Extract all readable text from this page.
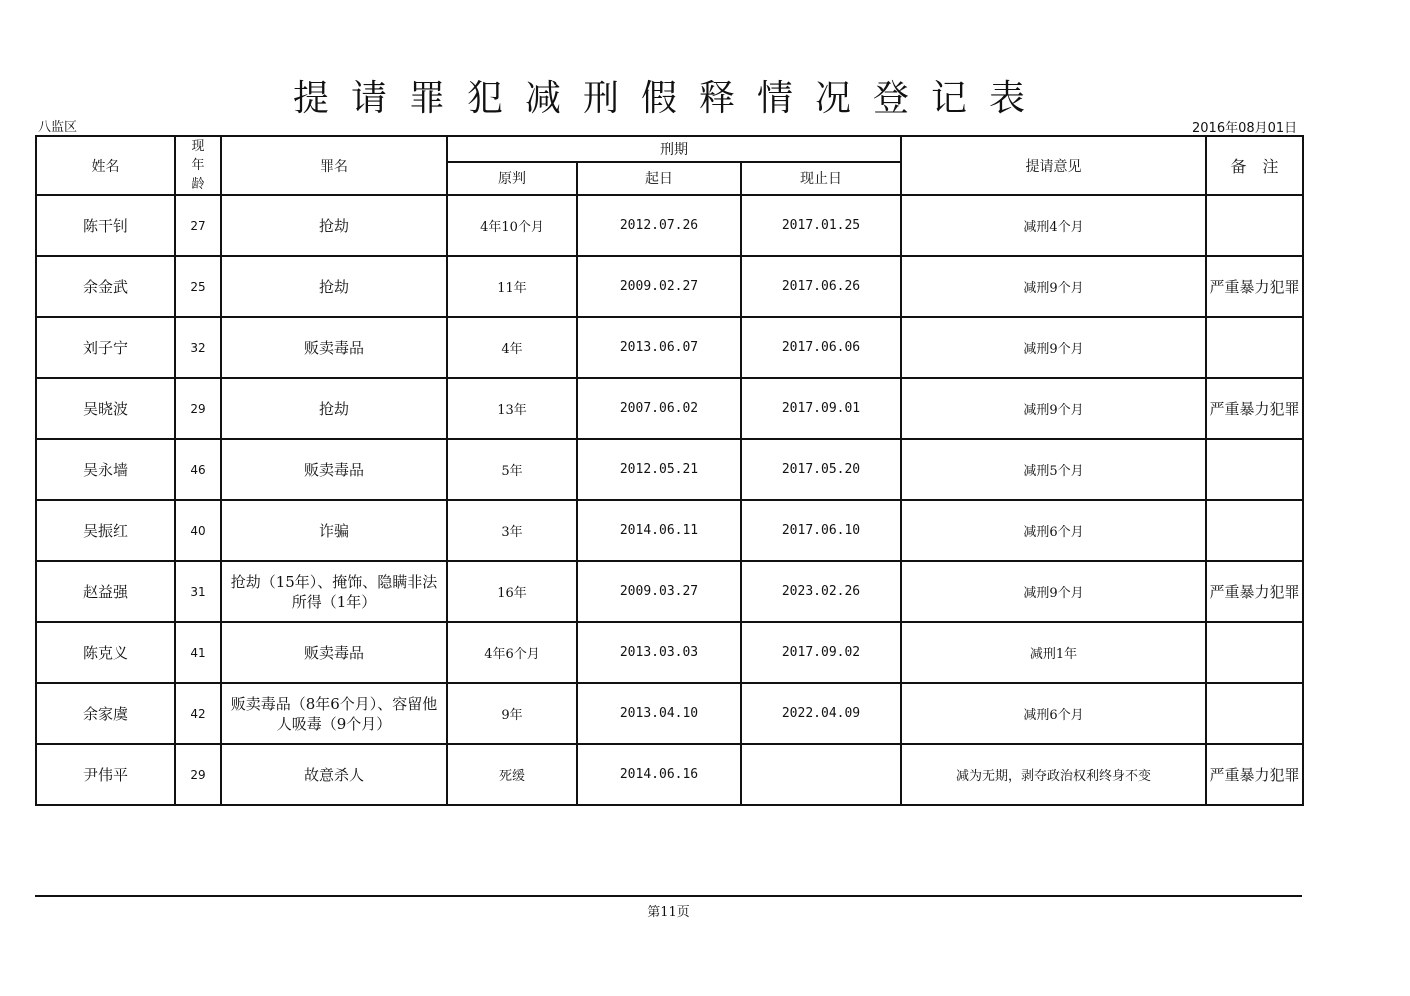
提请罪犯减刑假释情况登记表
八监区	2016年08月01日
姓名	现年龄	罪名	刑期			提请意见	备　注
			原判	起日	现止日		
陈干钊	27	抢劫	4年10个月	2012.07.26	2017.01.25	减刑4个月	
余金武	25	抢劫	11年	2009.02.27	2017.06.26	减刑9个月	严重暴力犯罪
刘子宁	32	贩卖毒品	4年	2013.06.07	2017.06.06	减刑9个月	
吴晓波	29	抢劫	13年	2007.06.02	2017.09.01	减刑9个月	严重暴力犯罪
吴永墙	46	贩卖毒品	5年	2012.05.21	2017.05.20	减刑5个月	
吴振红	40	诈骗	3年	2014.06.11	2017.06.10	减刑6个月	
赵益强	31	抢劫（15年）、掩饰、隐瞒非法所得（1年）	16年	2009.03.27	2023.02.26	减刑9个月	严重暴力犯罪
陈克义	41	贩卖毒品	4年6个月	2013.03.03	2017.09.02	减刑1年	
余家虞	42	贩卖毒品（8年6个月）、容留他人吸毒（9个月）	9年	2013.04.10	2022.04.09	减刑6个月	
尹伟平	29	故意杀人	死缓	2014.06.16		减为无期，剥夺政治权利终身不变	严重暴力犯罪
第11页
